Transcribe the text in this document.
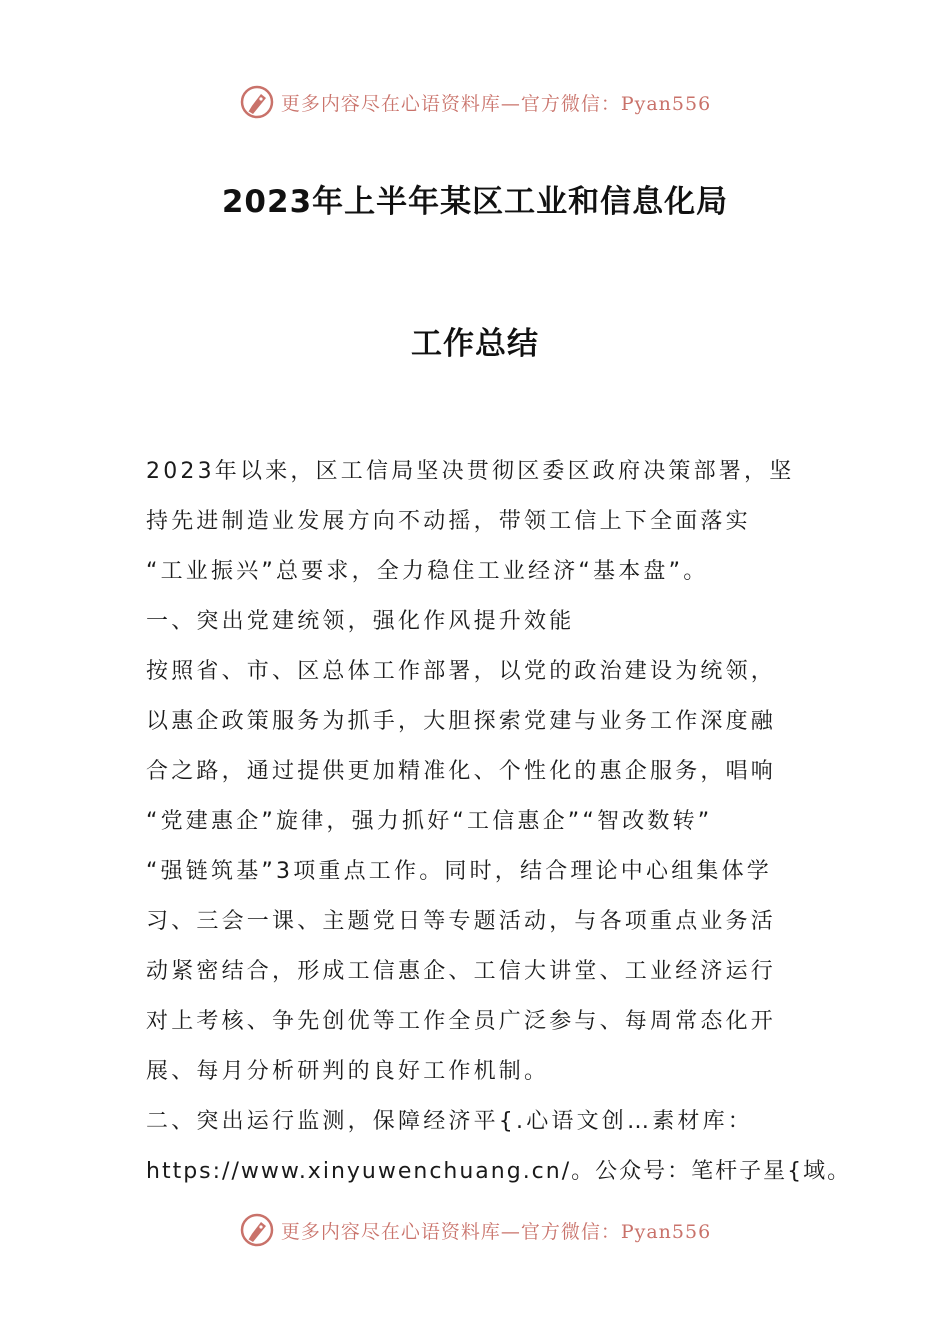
更多内容尽在心语资料库—官方微信：Pyan556
2023年上半年某区工业和信息化局
工作总结
2023年以来，区工信局坚决贯彻区委区政府决策部署，坚
持先进制造业发展方向不动摇，带领工信上下全面落实
“工业振兴”总要求，全力稳住工业经济“基本盘”。
一、突出党建统领，强化作风提升效能
按照省、市、区总体工作部署，以党的政治建设为统领，
以惠企政策服务为抓手，大胆探索党建与业务工作深度融
合之路，通过提供更加精准化、个性化的惠企服务，唱响
“党建惠企”旋律，强力抓好“工信惠企”“智改数转”
“强链筑基”3项重点工作。同时，结合理论中心组集体学
习、三会一课、主题党日等专题活动，与各项重点业务活
动紧密结合，形成工信惠企、工信大讲堂、工业经济运行
对上考核、争先创优等工作全员广泛参与、每周常态化开
展、每月分析研判的良好工作机制。
二、突出运行监测，保障经济平{.心语文创…素材库：
https://www.xinyuwenchuang.cn/。公众号：笔杆子星{域。
更多内容尽在心语资料库—官方微信：Pyan556
